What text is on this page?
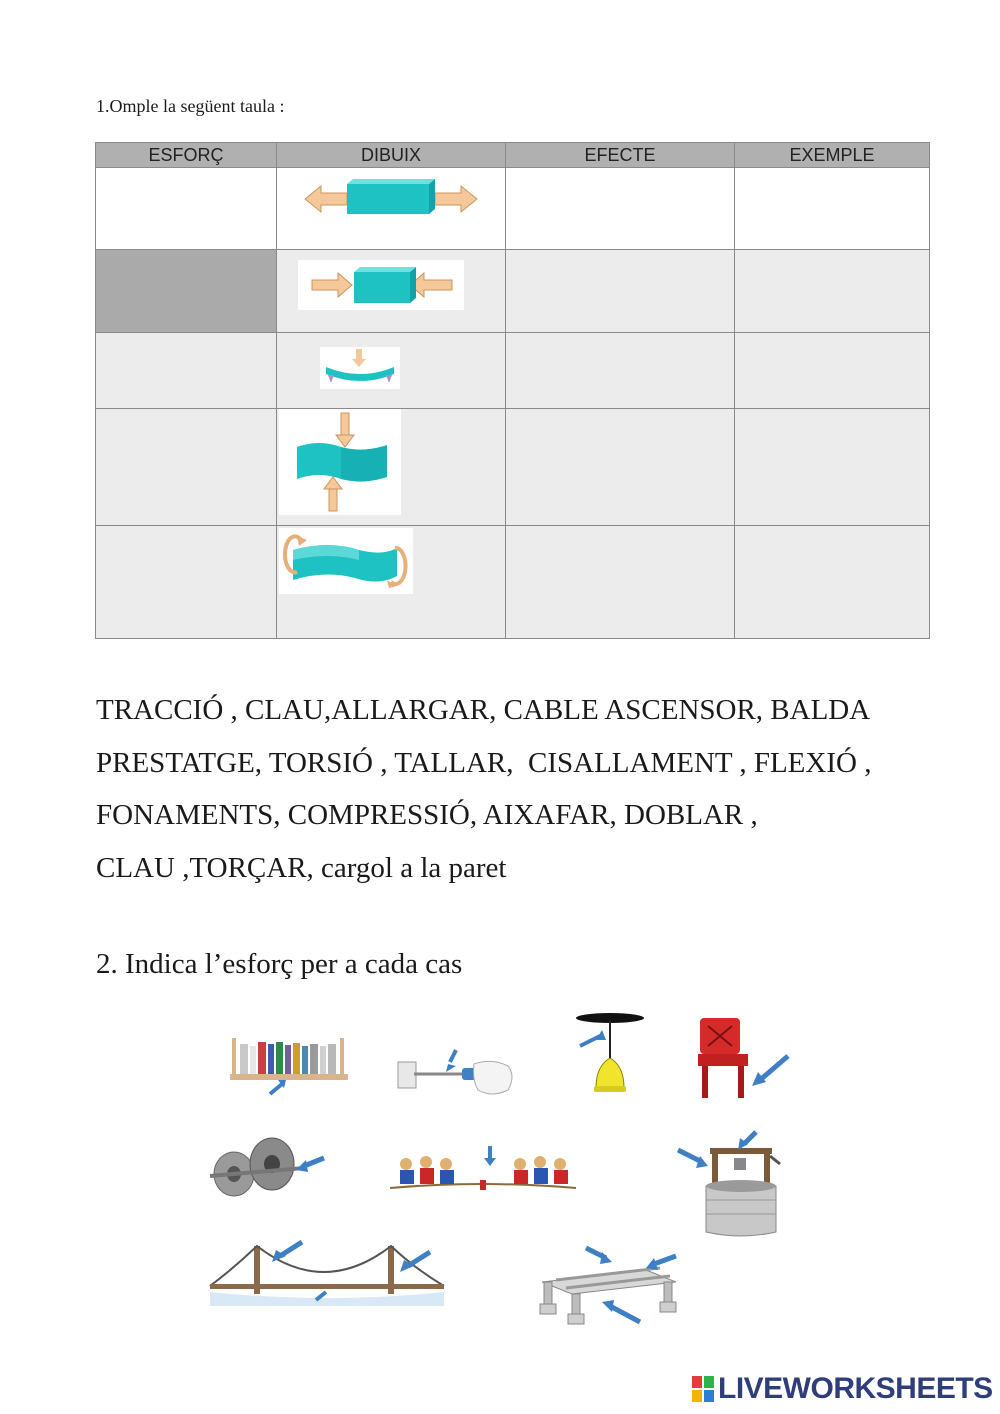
1.Omple la següent taula :
ESFORÇ	DIBUIX	EFECTE	EXEMPLE

TRACCIÓ , CLAU,ALLARGAR, CABLE ASCENSOR, BALDA
PRESTATGE, TORSIÓ , TALLAR,  CISALLAMENT , FLEXIÓ ,
FONAMENTS, COMPRESSIÓ, AIXAFAR, DOBLAR ,
CLAU ,TORÇAR, cargol a la paret
2. Indica l’esforç per a cada cas
LIVEWORKSHEETS
